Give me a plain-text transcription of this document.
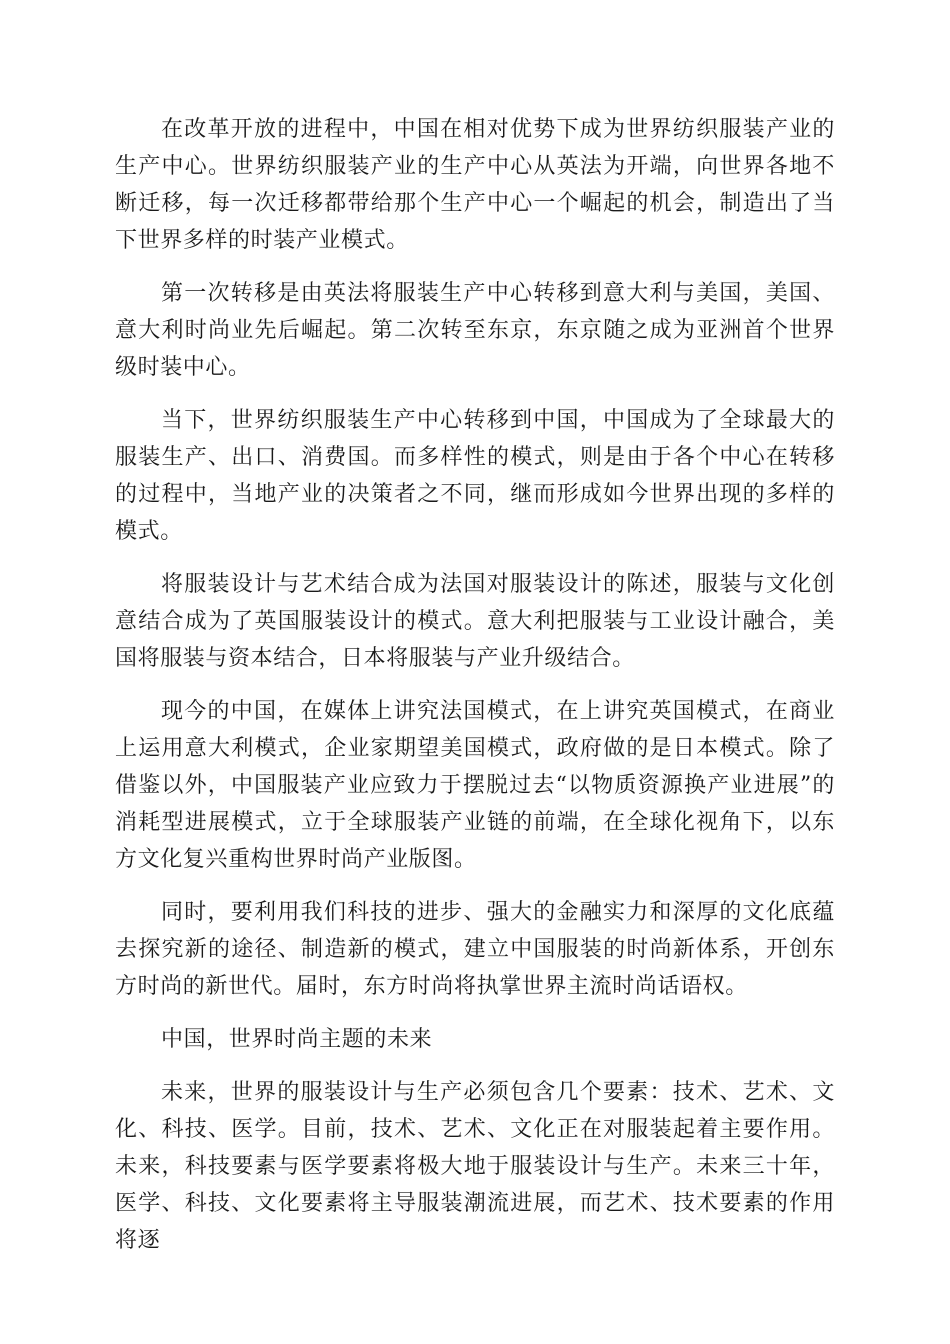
在改革开放的进程中，中国在相对优势下成为世界纺织服装产业的生产中心。世界纺织服装产业的生产中心从英法为开端，向世界各地不断迁移，每一次迁移都带给那个生产中心一个崛起的机会，制造出了当下世界多样的时装产业模式。

第一次转移是由英法将服装生产中心转移到意大利与美国，美国、意大利时尚业先后崛起。第二次转至东京，东京随之成为亚洲首个世界级时装中心。

当下，世界纺织服装生产中心转移到中国，中国成为了全球最大的服装生产、出口、消费国。而多样性的模式，则是由于各个中心在转移的过程中，当地产业的决策者之不同，继而形成如今世界出现的多样的模式。

将服装设计与艺术结合成为法国对服装设计的陈述，服装与文化创意结合成为了英国服装设计的模式。意大利把服装与工业设计融合，美国将服装与资本结合，日本将服装与产业升级结合。

现今的中国，在媒体上讲究法国模式，在上讲究英国模式，在商业上运用意大利模式，企业家期望美国模式，政府做的是日本模式。除了借鉴以外，中国服装产业应致力于摆脱过去“以物质资源换产业进展”的消耗型进展模式，立于全球服装产业链的前端，在全球化视角下，以东方文化复兴重构世界时尚产业版图。

同时，要利用我们科技的进步、强大的金融实力和深厚的文化底蕴去探究新的途径、制造新的模式，建立中国服装的时尚新体系，开创东方时尚的新世代。届时，东方时尚将执掌世界主流时尚话语权。

中国，世界时尚主题的未来

未来，世界的服装设计与生产必须包含几个要素：技术、艺术、文化、科技、医学。目前，技术、艺术、文化正在对服装起着主要作用。未来，科技要素与医学要素将极大地于服装设计与生产。未来三十年，医学、科技、文化要素将主导服装潮流进展，而艺术、技术要素的作用将逐
